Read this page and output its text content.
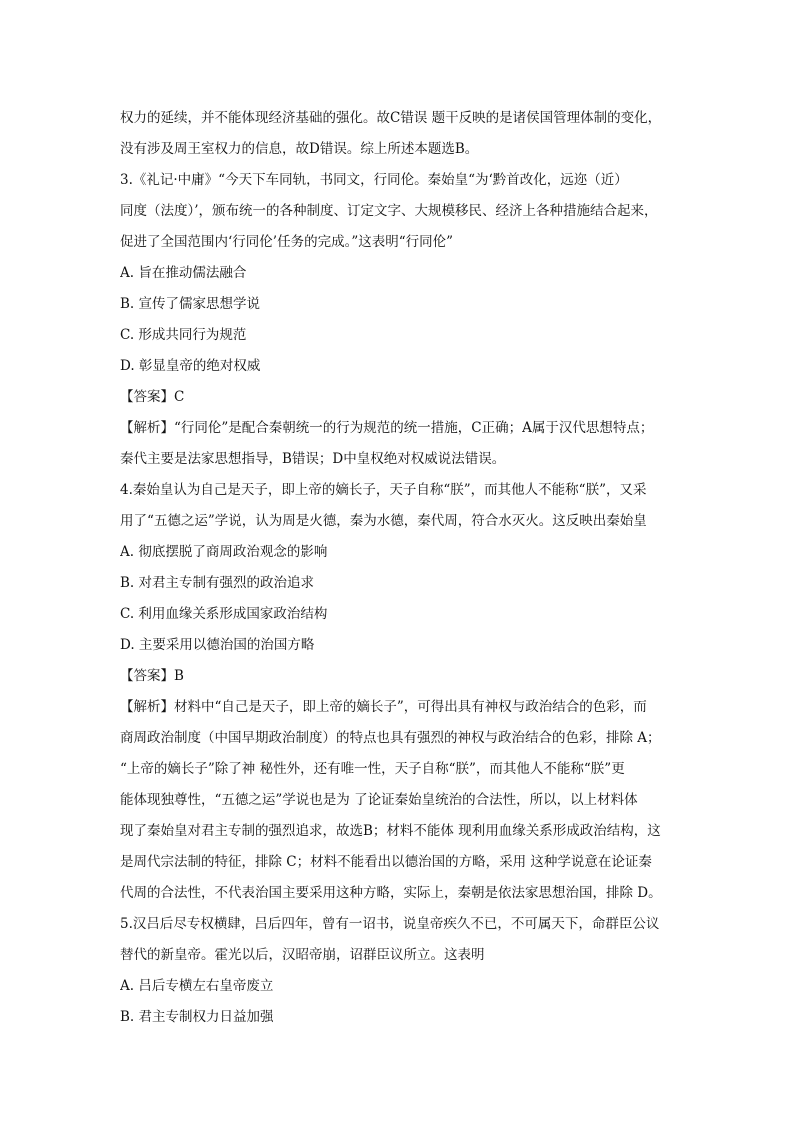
权力的延续，并不能体现经济基础的强化。故C错误 题干反映的是诸侯国管理体制的变化，
没有涉及周王室权力的信息，故D错误。综上所述本题选B。
3.《礼记·中庸》“今天下车同轨，书同文，行同伦。秦始皇“为‘黔首改化，远迩（近）
同度（法度）’，颁布统一的各种制度、订定文字、大规模移民、经济上各种措施结合起来，
促进了全国范围内‘行同伦’任务的完成。”这表明“行同伦”
A. 旨在推动儒法融合
B. 宣传了儒家思想学说
C. 形成共同行为规范
D. 彰显皇帝的绝对权威
【答案】C
【解析】“行同伦”是配合秦朝统一的行为规范的统一措施，C正确；A属于汉代思想特点；
秦代主要是法家思想指导，B错误；D中皇权绝对权威说法错误。
4.秦始皇认为自己是天子，即上帝的嫡长子，天子自称“朕”，而其他人不能称“朕”，又采
用了“五德之运”学说，认为周是火德，秦为水德，秦代周，符合水灭火。这反映出秦始皇
A. 彻底摆脱了商周政治观念的影响
B. 对君主专制有强烈的政治追求
C. 利用血缘关系形成国家政治结构
D. 主要采用以德治国的治国方略
【答案】B
【解析】材料中“自己是天子，即上帝的嫡长子”，可得出具有神权与政治结合的色彩，而
商周政治制度（中国早期政治制度）的特点也具有强烈的神权与政治结合的色彩，排除 A；
“上帝的嫡长子”除了神 秘性外，还有唯一性，天子自称“朕”，而其他人不能称“朕”更
能体现独尊性，“五德之运”学说也是为 了论证秦始皇统治的合法性，所以，以上材料体
现了秦始皇对君主专制的强烈追求，故选B；材料不能体 现利用血缘关系形成政治结构，这
是周代宗法制的特征，排除 C；材料不能看出以德治国的方略，采用 这种学说意在论证秦
代周的合法性，不代表治国主要采用这种方略，实际上，秦朝是依法家思想治国，排除 D。
5.汉吕后尽专权横肆，吕后四年，曾有一诏书，说皇帝疾久不已，不可属天下，命群臣公议
替代的新皇帝。霍光以后，汉昭帝崩，诏群臣议所立。这表明
A. 吕后专横左右皇帝废立
B. 君主专制权力日益加强
